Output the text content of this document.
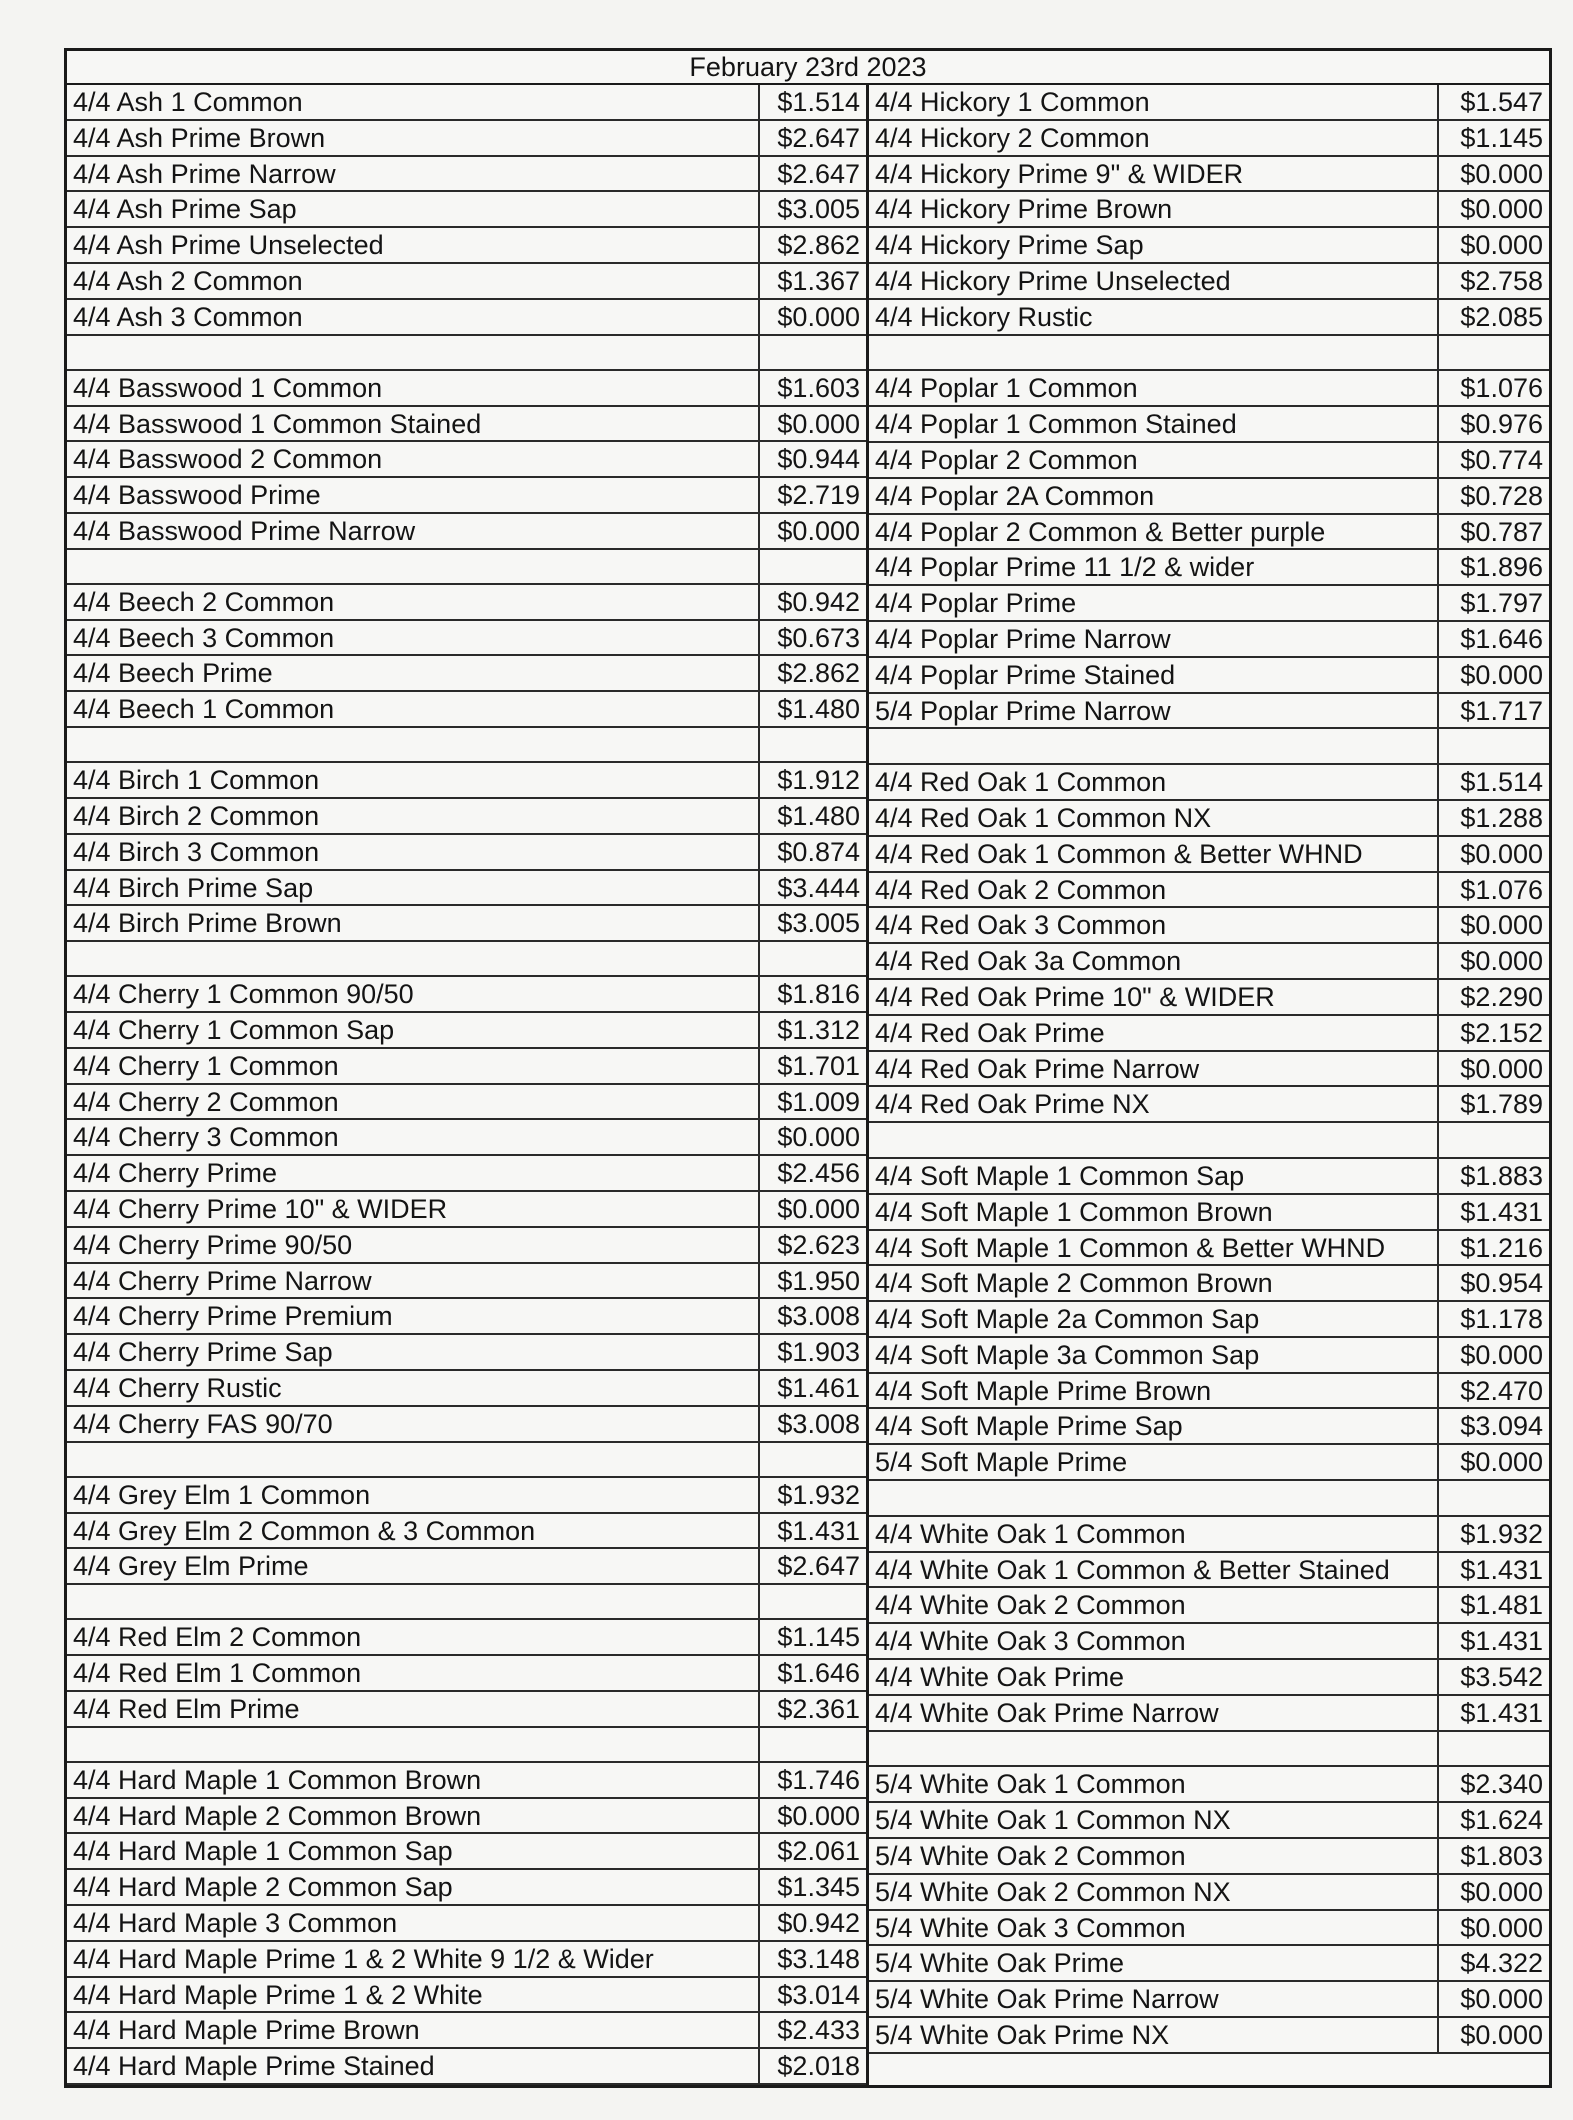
February 23rd 2023
4/4 Ash 1 Common	$1.514
4/4 Ash Prime Brown	$2.647
4/4 Ash Prime Narrow	$2.647
4/4 Ash Prime Sap	$3.005
4/4 Ash Prime Unselected	$2.862
4/4 Ash 2 Common	$1.367
4/4 Ash 3 Common	$0.000
4/4 Basswood 1 Common	$1.603
4/4 Basswood 1 Common Stained	$0.000
4/4 Basswood 2 Common	$0.944
4/4 Basswood Prime	$2.719
4/4 Basswood Prime Narrow	$0.000
4/4 Beech 2 Common	$0.942
4/4 Beech 3 Common	$0.673
4/4 Beech Prime	$2.862
4/4 Beech 1 Common	$1.480
4/4 Birch 1 Common	$1.912
4/4 Birch 2 Common	$1.480
4/4 Birch 3 Common	$0.874
4/4 Birch Prime Sap	$3.444
4/4 Birch Prime Brown	$3.005
4/4 Cherry 1 Common 90/50	$1.816
4/4 Cherry 1 Common Sap	$1.312
4/4 Cherry 1 Common	$1.701
4/4 Cherry 2 Common	$1.009
4/4 Cherry 3 Common	$0.000
4/4 Cherry Prime	$2.456
4/4 Cherry Prime 10" & WIDER	$0.000
4/4 Cherry Prime 90/50	$2.623
4/4 Cherry Prime Narrow	$1.950
4/4 Cherry Prime Premium	$3.008
4/4 Cherry Prime Sap	$1.903
4/4 Cherry Rustic	$1.461
4/4 Cherry FAS 90/70	$3.008
4/4 Grey Elm 1 Common	$1.932
4/4 Grey Elm 2 Common & 3 Common	$1.431
4/4 Grey Elm Prime	$2.647
4/4 Red Elm 2 Common	$1.145
4/4 Red Elm 1 Common	$1.646
4/4 Red Elm Prime	$2.361
4/4 Hard Maple 1 Common Brown	$1.746
4/4 Hard Maple 2 Common Brown	$0.000
4/4 Hard Maple 1 Common Sap	$2.061
4/4 Hard Maple 2 Common Sap	$1.345
4/4 Hard Maple 3 Common	$0.942
4/4 Hard Maple Prime 1 & 2 White 9 1/2 & Wider	$3.148
4/4 Hard Maple Prime 1 & 2 White	$3.014
4/4 Hard Maple Prime Brown	$2.433
4/4 Hard Maple Prime Stained	$2.018
4/4 Hickory 1 Common	$1.547
4/4 Hickory 2 Common	$1.145
4/4 Hickory Prime 9" & WIDER	$0.000
4/4 Hickory Prime Brown	$0.000
4/4 Hickory Prime Sap	$0.000
4/4 Hickory Prime Unselected	$2.758
4/4 Hickory Rustic	$2.085
4/4 Poplar 1 Common	$1.076
4/4 Poplar 1 Common Stained	$0.976
4/4 Poplar 2 Common	$0.774
4/4 Poplar 2A Common	$0.728
4/4 Poplar 2 Common & Better purple	$0.787
4/4 Poplar Prime 11 1/2 & wider	$1.896
4/4 Poplar Prime	$1.797
4/4 Poplar Prime Narrow	$1.646
4/4 Poplar Prime Stained	$0.000
5/4 Poplar Prime Narrow	$1.717
4/4 Red Oak 1 Common	$1.514
4/4 Red Oak 1 Common NX	$1.288
4/4 Red Oak 1 Common & Better WHND	$0.000
4/4 Red Oak 2 Common	$1.076
4/4 Red Oak 3 Common	$0.000
4/4 Red Oak 3a Common	$0.000
4/4 Red Oak Prime 10" & WIDER	$2.290
4/4 Red Oak Prime	$2.152
4/4 Red Oak Prime Narrow	$0.000
4/4 Red Oak Prime NX	$1.789
4/4 Soft Maple 1 Common Sap	$1.883
4/4 Soft Maple 1 Common Brown	$1.431
4/4 Soft Maple 1 Common & Better WHND	$1.216
4/4 Soft Maple 2 Common Brown	$0.954
4/4 Soft Maple 2a Common Sap	$1.178
4/4 Soft Maple 3a Common Sap	$0.000
4/4 Soft Maple Prime Brown	$2.470
4/4 Soft Maple Prime Sap	$3.094
5/4 Soft Maple Prime	$0.000
4/4 White Oak 1 Common	$1.932
4/4 White Oak 1 Common & Better Stained	$1.431
4/4 White Oak 2 Common	$1.481
4/4 White Oak 3 Common	$1.431
4/4 White Oak Prime	$3.542
4/4 White Oak Prime Narrow	$1.431
5/4 White Oak 1 Common	$2.340
5/4 White Oak 1 Common NX	$1.624
5/4 White Oak 2 Common	$1.803
5/4 White Oak 2 Common NX	$0.000
5/4 White Oak 3 Common	$0.000
5/4 White Oak Prime	$4.322
5/4 White Oak Prime Narrow	$0.000
5/4 White Oak Prime NX	$0.000
